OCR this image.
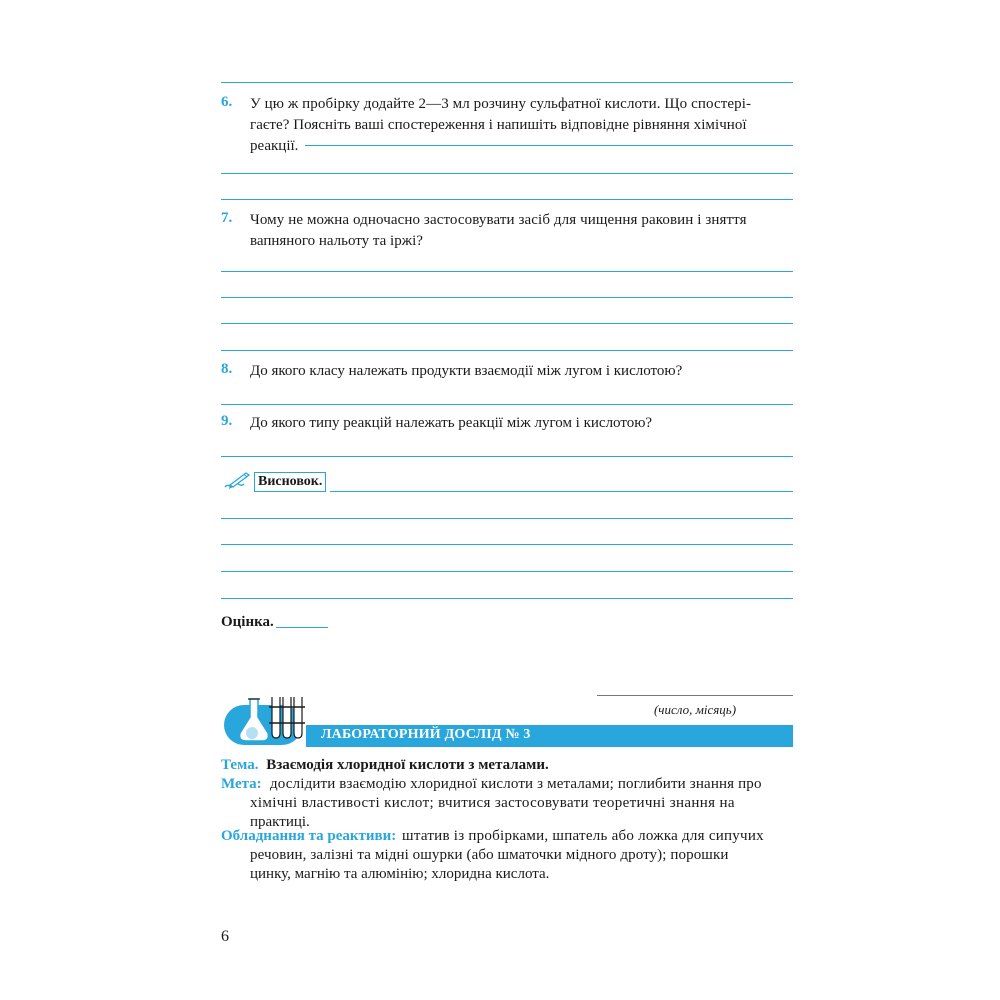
6. У цю ж пробірку додайте 2—3 мл розчину сульфатної кислоти. Що спостері-
гаєте? Поясніть ваші спостереження і напишіть відповідне рівняння хімічної
реакції.
7. Чому не можна одночасно застосовувати засіб для чищення раковин і зняття
вапняного нальоту та іржі?
8. До якого класу належать продукти взаємодії між лугом і кислотою?
9. До якого типу реакцій належать реакції між лугом і кислотою?
Висновок.
Оцінка.
(число, місяць)
ЛАБОРАТОРНИЙ ДОСЛІД № 3
Тема. Взаємодія хлоридної кислоти з металами.
Мета: дослідити взаємодію хлоридної кислоти з металами; поглибити знання про
хімічні властивості кислот; вчитися застосовувати теоретичні знання на
практиці.
Обладнання та реактиви: штатив із пробірками, шпатель або ложка для сипучих
речовин, залізні та мідні ошурки (або шматочки мідного дроту); порошки
цинку, магнію та алюмінію; хлоридна кислота.
6
